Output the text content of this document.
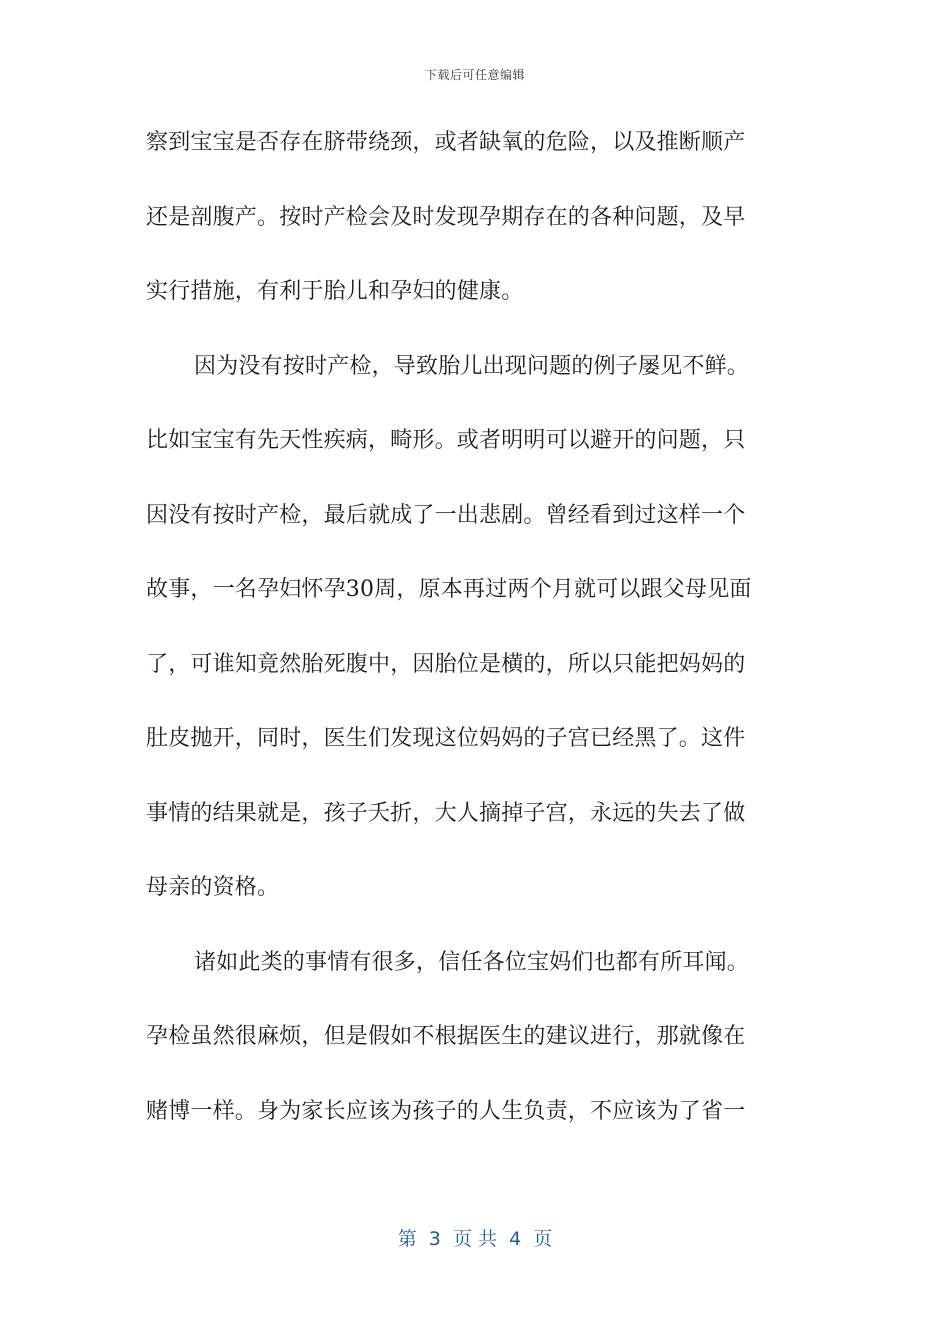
下载后可任意编辑
察到宝宝是否存在脐带绕颈，或者缺氧的危险，以及推断顺产
还是剖腹产。按时产检会及时发现孕期存在的各种问题，及早
实行措施，有利于胎儿和孕妇的健康。
因为没有按时产检，导致胎儿出现问题的例子屡见不鲜。
比如宝宝有先天性疾病，畸形。或者明明可以避开的问题，只
因没有按时产检，最后就成了一出悲剧。曾经看到过这样一个
故事，一名孕妇怀孕30周，原本再过两个月就可以跟父母见面
了，可谁知竟然胎死腹中，因胎位是横的，所以只能把妈妈的
肚皮抛开，同时，医生们发现这位妈妈的子宫已经黑了。这件
事情的结果就是，孩子夭折，大人摘掉子宫，永远的失去了做
母亲的资格。
诸如此类的事情有很多，信任各位宝妈们也都有所耳闻。
孕检虽然很麻烦，但是假如不根据医生的建议进行，那就像在
赌博一样。身为家长应该为孩子的人生负责，不应该为了省一
第  3  页 共  4  页
